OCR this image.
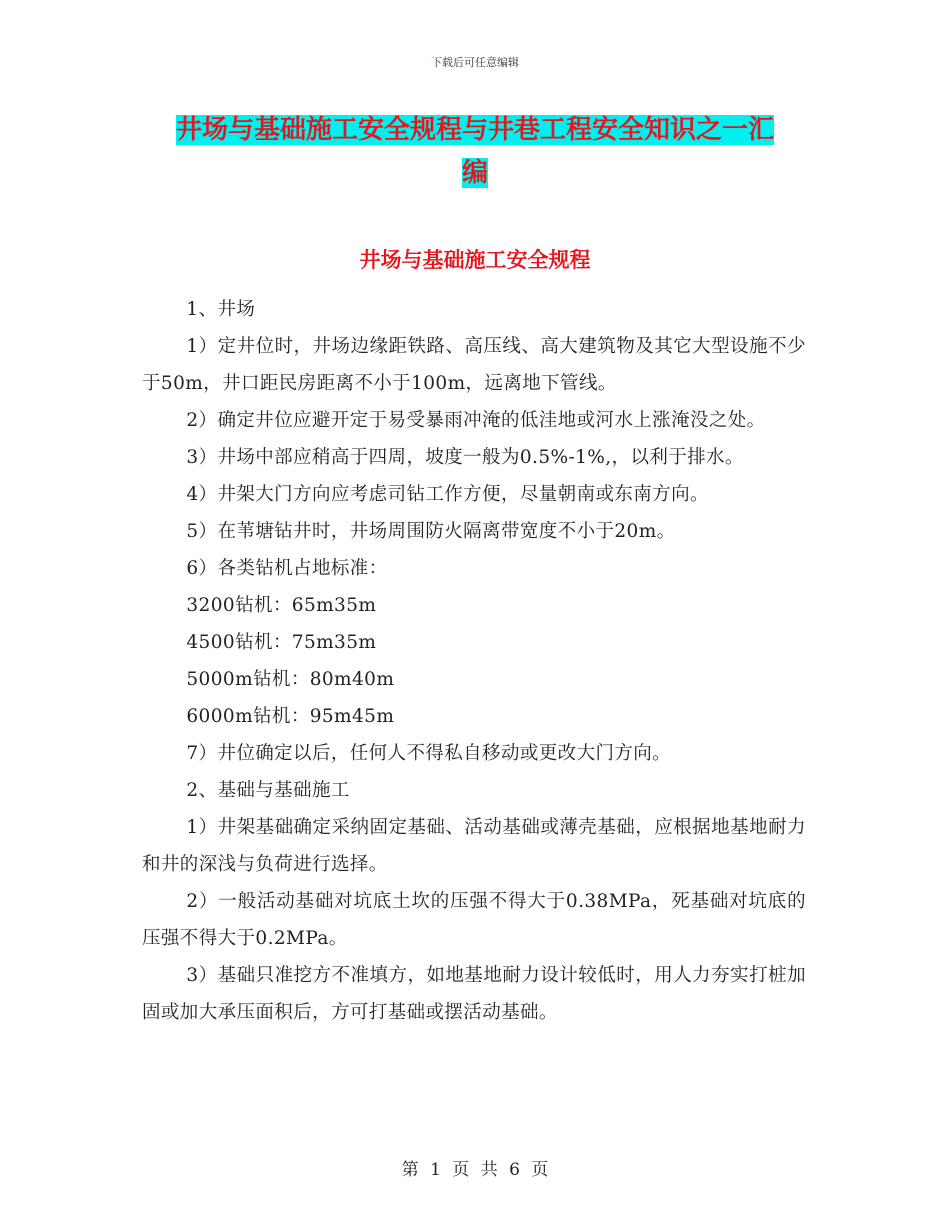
下载后可任意编辑
井场与基础施工安全规程与井巷工程安全知识之一汇
编
井场与基础施工安全规程

1、井场

1）定井位时，井场边缘距铁路、高压线、高大建筑物及其它大型设施不少于50m，井口距民房距离不小于100m，远离地下管线。

2）确定井位应避开定于易受暴雨冲淹的低洼地或河水上涨淹没之处。

3）井场中部应稍高于四周，坡度一般为0.5%-1%,，以利于排水。

4）井架大门方向应考虑司钻工作方便，尽量朝南或东南方向。

5）在苇塘钻井时，井场周围防火隔离带宽度不小于20m。

6）各类钻机占地标准：

3200钻机：65m35m

4500钻机：75m35m

5000m钻机：80m40m

6000m钻机：95m45m

7）井位确定以后，任何人不得私自移动或更改大门方向。

2、基础与基础施工

1）井架基础确定采纳固定基础、活动基础或薄壳基础，应根据地基地耐力和井的深浅与负荷进行选择。

2）一般活动基础对坑底土坎的压强不得大于0.38MPa，死基础对坑底的压强不得大于0.2MPa。

3）基础只准挖方不准填方，如地基地耐力设计较低时，用人力夯实打桩加固或加大承压面积后，方可打基础或摆活动基础。

第 1 页 共 6 页
